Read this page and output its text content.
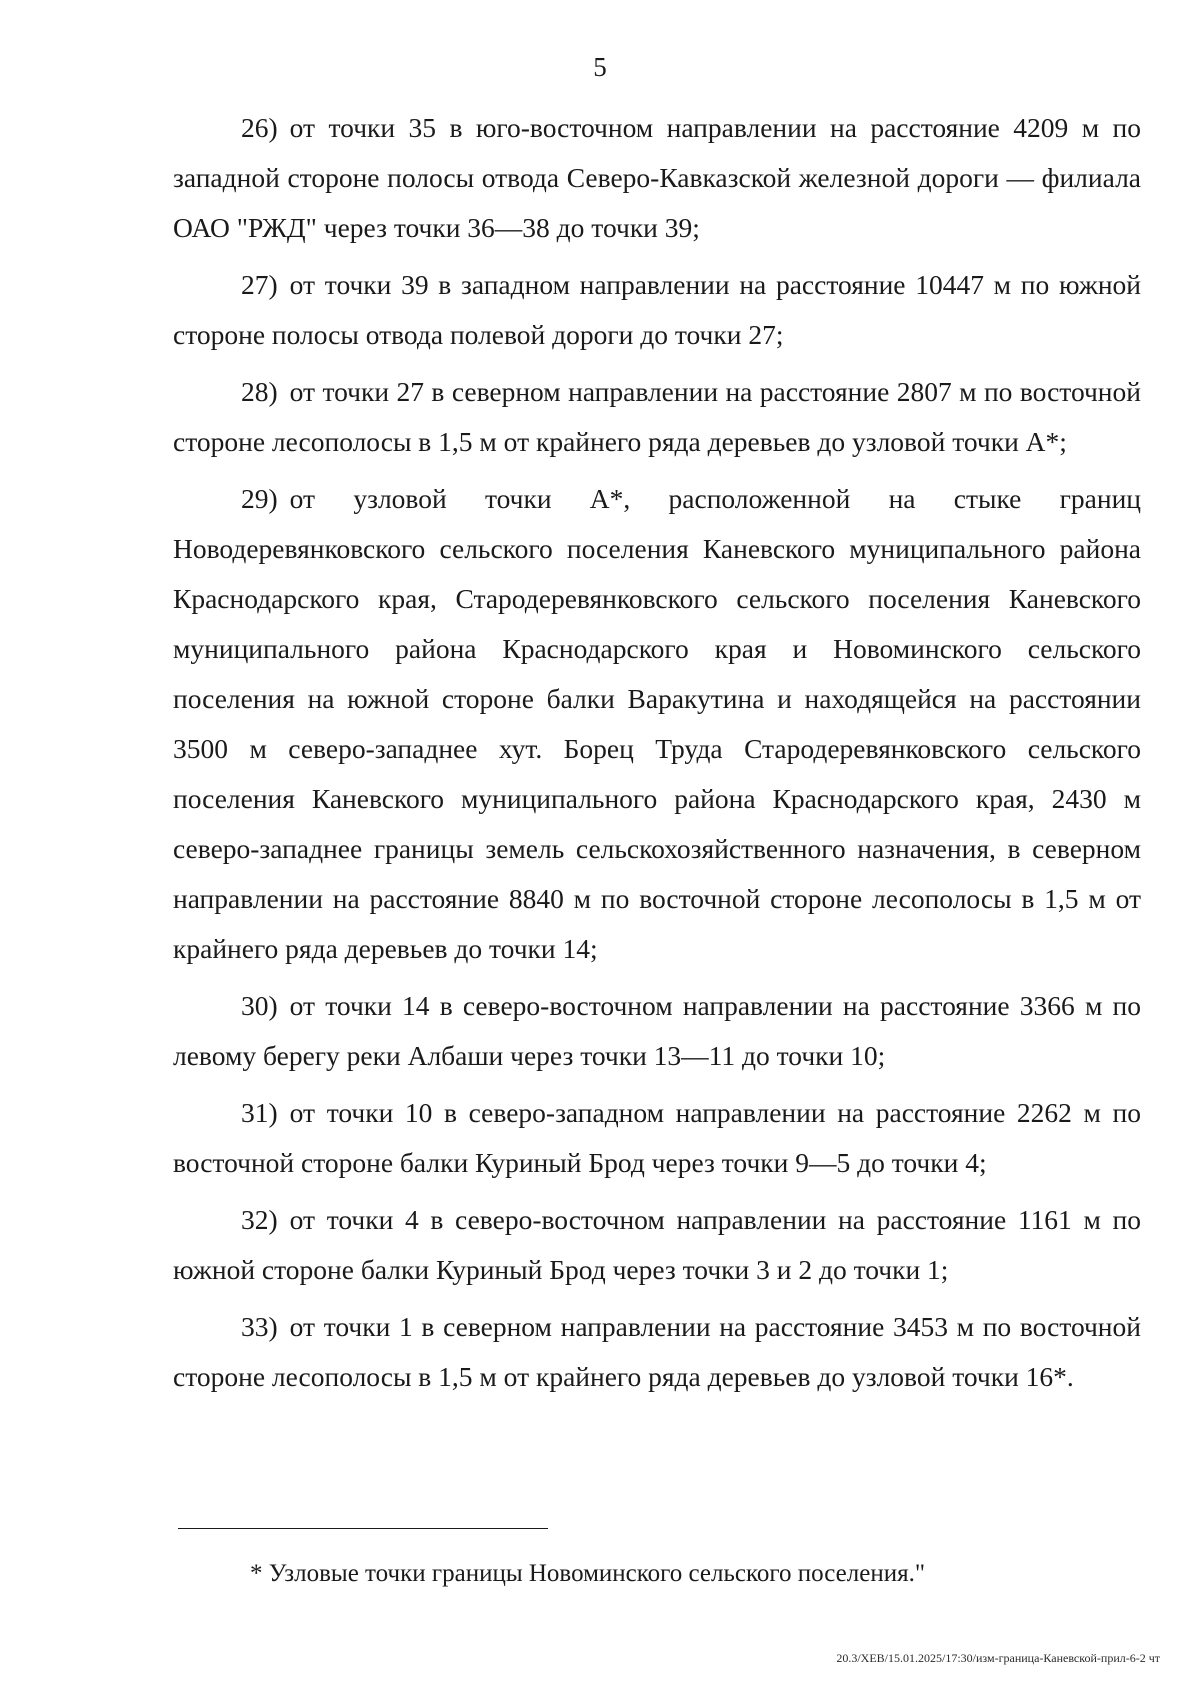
5

26) от точки 35 в юго-восточном направлении на расстояние 4209 м по западной стороне полосы отвода Северо-Кавказской железной дороги — филиала ОАО "РЖД" через точки 36—38 до точки 39;

27) от точки 39 в западном направлении на расстояние 10447 м по южной стороне полосы отвода полевой дороги до точки 27;

28) от точки 27 в северном направлении на расстояние 2807 м по восточной стороне лесополосы в 1,5 м от крайнего ряда деревьев до узловой точки А*;

29) от узловой точки А*, расположенной на стыке границ Новодеревянковского сельского поселения Каневского муниципального района Краснодарского края, Стародеревянковского сельского поселения Каневского муниципального района Краснодарского края и Новоминского сельского поселения на южной стороне балки Варакутина и находящейся на расстоянии 3500 м северо-западнее хут. Борец Труда Стародеревянковского сельского поселения Каневского муниципального района Краснодарского края, 2430 м северо-западнее границы земель сельскохозяйственного назначения, в северном направлении на расстояние 8840 м по восточной стороне лесополосы в 1,5 м от крайнего ряда деревьев до точки 14;

30) от точки 14 в северо-восточном направлении на расстояние 3366 м по левому берегу реки Албаши через точки 13—11 до точки 10;

31) от точки 10 в северо-западном направлении на расстояние 2262 м по восточной стороне балки Куриный Брод через точки 9—5 до точки 4;

32) от точки 4 в северо-восточном направлении на расстояние 1161 м по южной стороне балки Куриный Брод через точки 3 и 2 до точки 1;

33) от точки 1 в северном направлении на расстояние 3453 м по восточной стороне лесополосы в 1,5 м от крайнего ряда деревьев до узловой точки 16*.

* Узловые точки границы Новоминского сельского поселения."
20.3/ХЕВ/15.01.2025/17:30/изм-граница-Каневской-прил-6-2 чт
